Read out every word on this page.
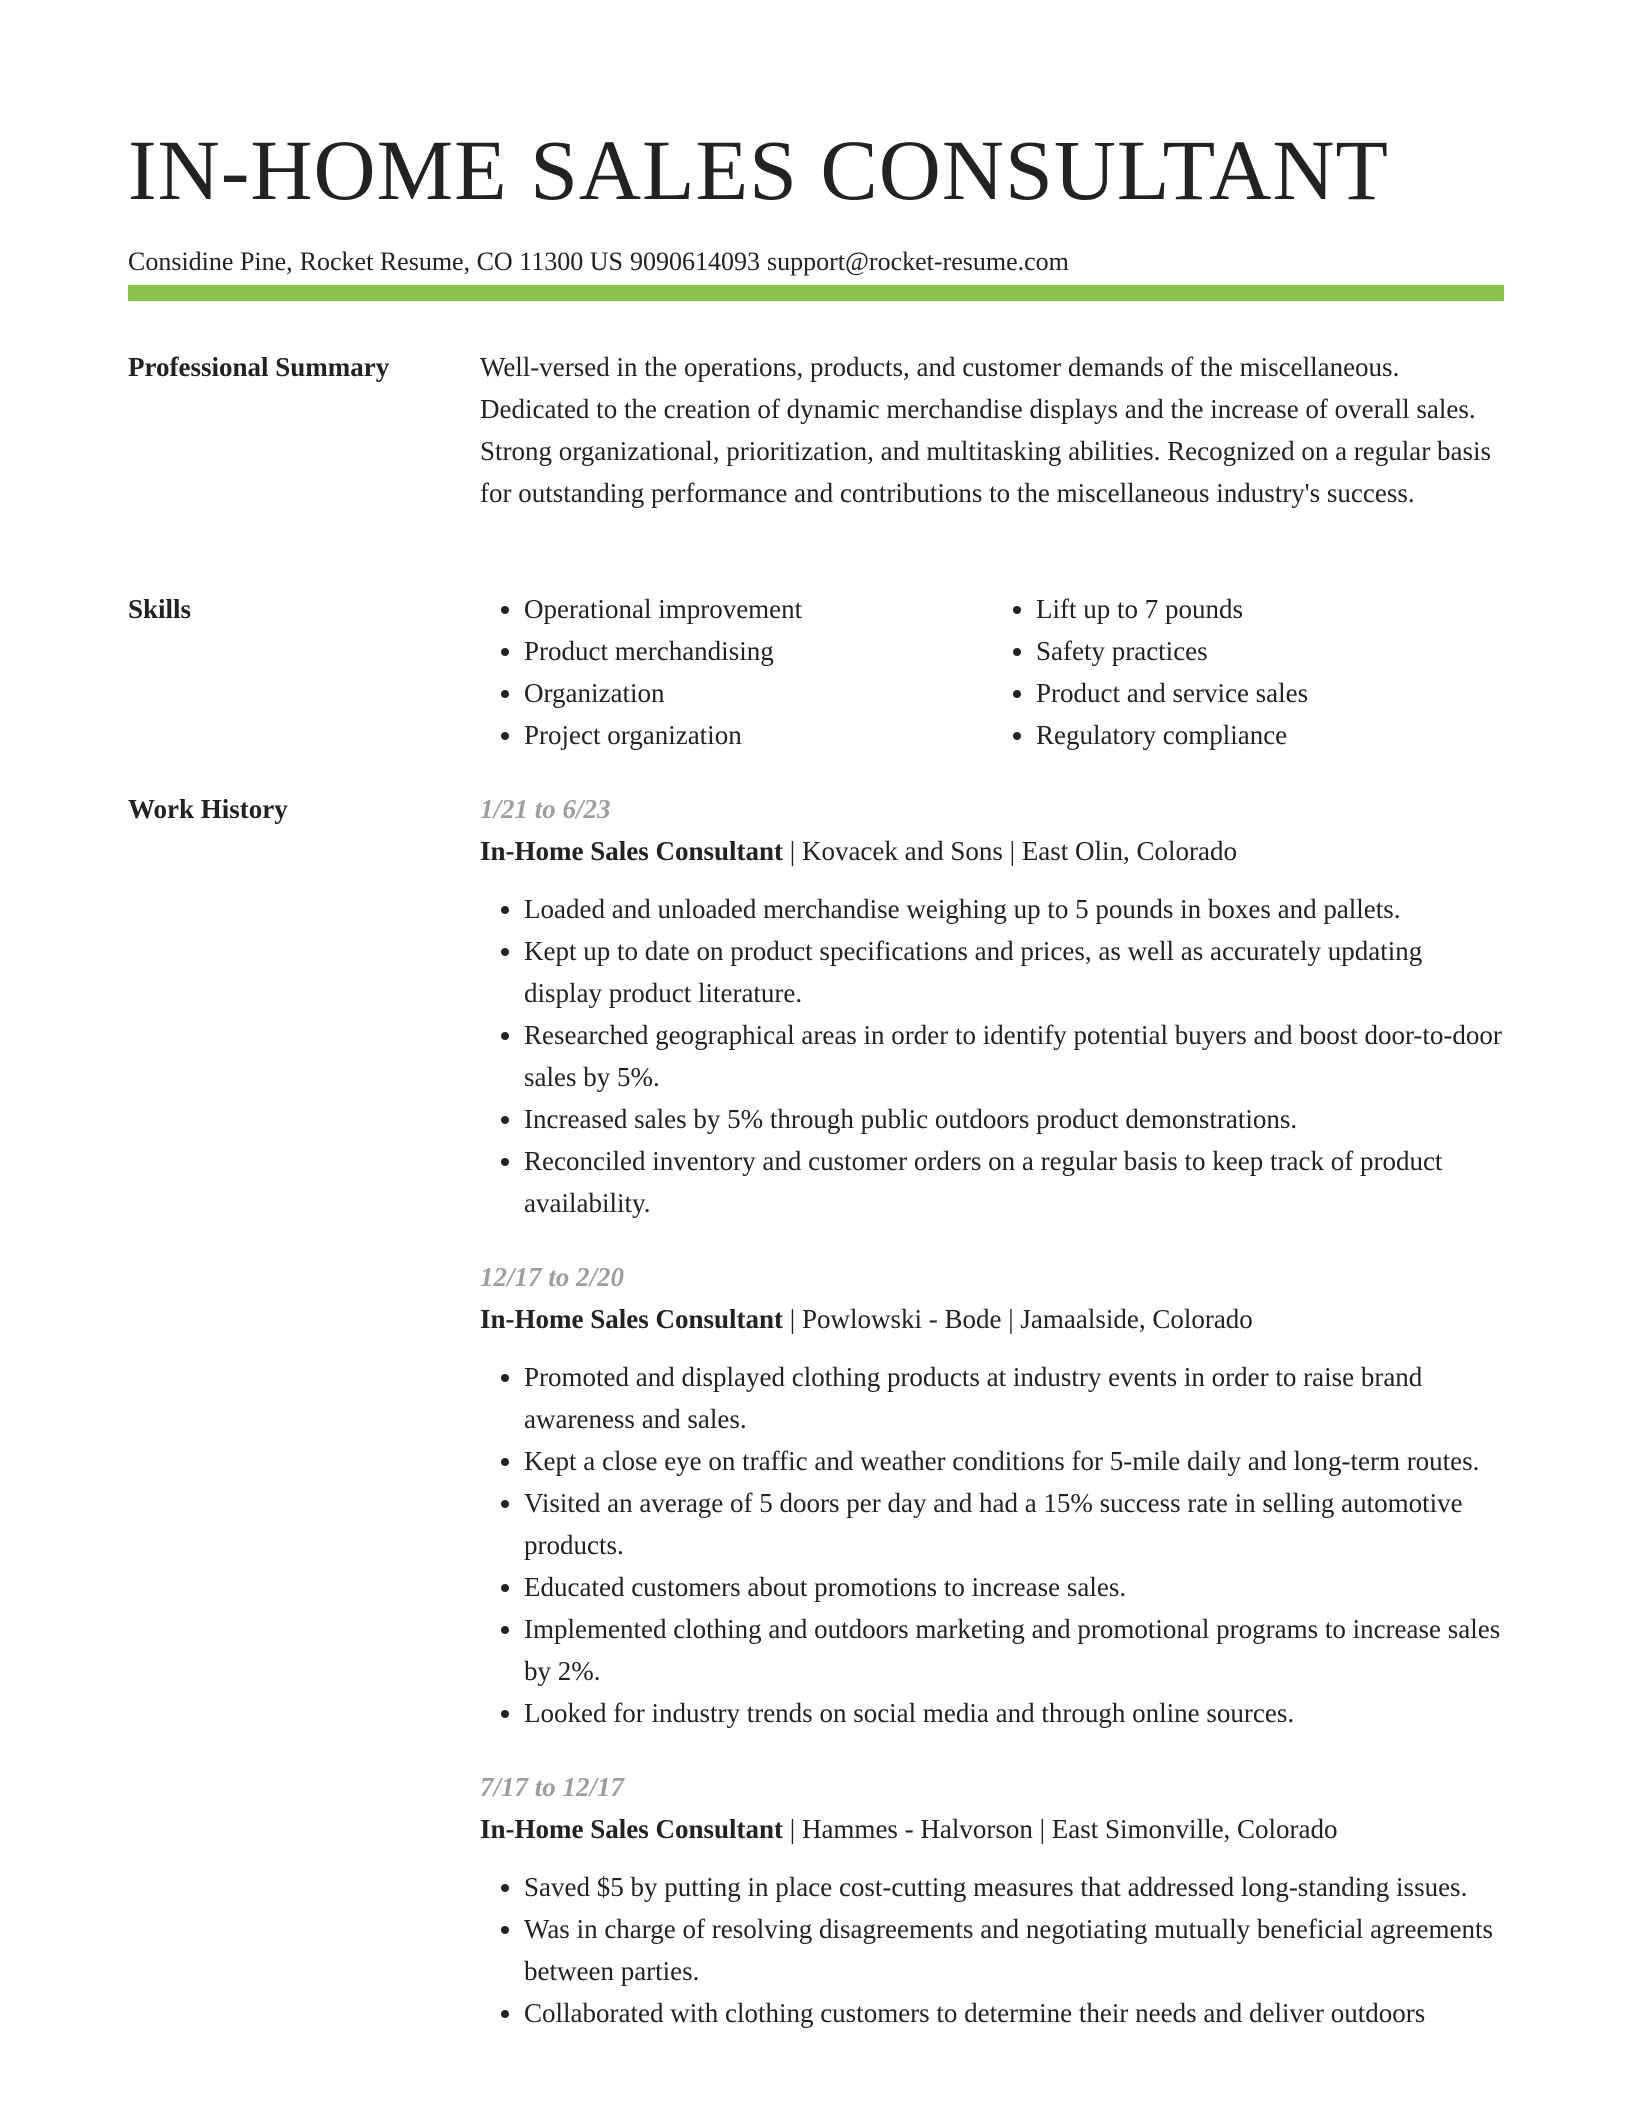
IN-HOME SALES CONSULTANT
Considine Pine, Rocket Resume, CO 11300 US 9090614093 support@rocket-resume.com
Professional Summary	Well-versed in the operations, products, and customer demands of the miscellaneous. Dedicated to the creation of dynamic merchandise displays and the increase of overall sales. Strong organizational, prioritization, and multitasking abilities. Recognized on a regular basis for outstanding performance and contributions to the miscellaneous industry's success.

Skills
•	Operational improvement
• Product merchandising
• Organization
• Project organization
• Lift up to 7 pounds
• Safety practices
• Product and service sales
• Regulatory compliance
Work History	1/21 to 6/23
In-Home Sales Consultant | Kovacek and Sons | East Olin, Colorado
• Loaded and unloaded merchandise weighing up to 5 pounds in boxes and pallets.
• Kept up to date on product specifications and prices, as well as accurately updating display product literature.
• Researched geographical areas in order to identify potential buyers and boost door-to-door sales by 5%.
• Increased sales by 5% through public outdoors product demonstrations.
• Reconciled inventory and customer orders on a regular basis to keep track of product availability.
12/17 to 2/20
In-Home Sales Consultant | Powlowski - Bode | Jamaalside, Colorado
• Promoted and displayed clothing products at industry events in order to raise brand awareness and sales.
• Kept a close eye on traffic and weather conditions for 5-mile daily and long-term routes.
• Visited an average of 5 doors per day and had a 15% success rate in selling automotive products.
• Educated customers about promotions to increase sales.
• Implemented clothing and outdoors marketing and promotional programs to increase sales by 2%.
• Looked for industry trends on social media and through online sources.
7/17 to 12/17
In-Home Sales Consultant | Hammes - Halvorson | East Simonville, Colorado
• Saved $5 by putting in place cost-cutting measures that addressed long-standing issues.
• Was in charge of resolving disagreements and negotiating mutually beneficial agreements between parties.
• Collaborated with clothing customers to determine their needs and deliver outdoors
